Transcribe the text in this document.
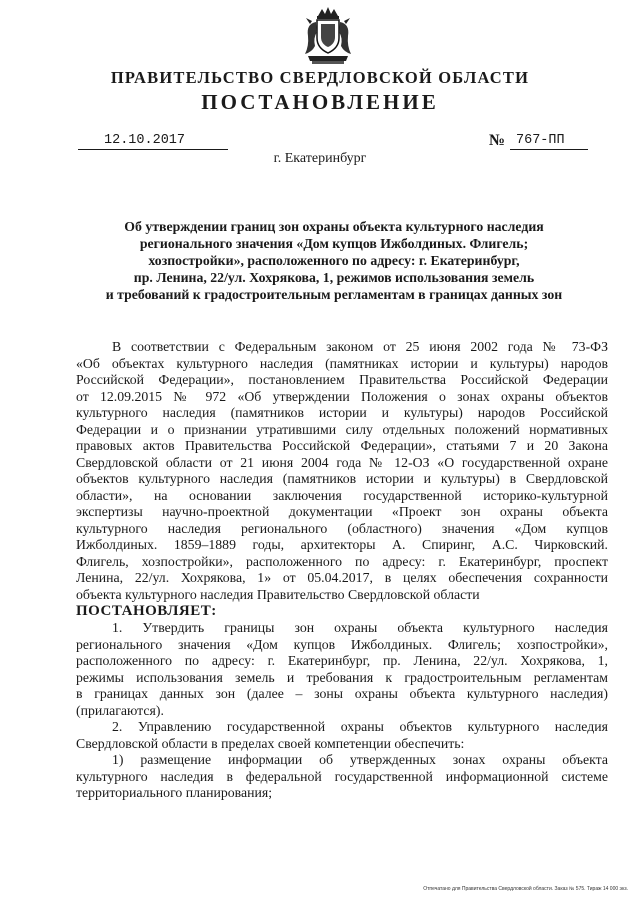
ПРАВИТЕЛЬСТВО СВЕРДЛОВСКОЙ ОБЛАСТИ
ПОСТАНОВЛЕНИЕ
12.10.2017	№ 767-ПП
г. Екатеринбург
Об утверждении границ зон охраны объекта культурного наследия
регионального значения «Дом купцов Ижболдиных. Флигель;
хозпостройки», расположенного по адресу: г. Екатеринбург,
пр. Ленина, 22/ул. Хохрякова, 1, режимов использования земель
и требований к градостроительным регламентам в границах данных зон
В соответствии с Федеральным законом от 25 июня 2002 года № 73-ФЗ
«Об объектах культурного наследия (памятниках истории и культуры) народов
Российской Федерации», постановлением Правительства Российской Федерации
от 12.09.2015 № 972 «Об утверждении Положения о зонах охраны объектов
культурного наследия (памятников истории и культуры) народов Российской
Федерации и о признании утратившими силу отдельных положений нормативных
правовых актов Правительства Российской Федерации», статьями 7 и 20 Закона
Свердловской области от 21 июня 2004 года № 12-ОЗ «О государственной охране
объектов культурного наследия (памятников истории и культуры) в Свердловской
области», на основании заключения государственной историко-культурной
экспертизы научно-проектной документации «Проект зон охраны объекта
культурного наследия регионального (областного) значения «Дом купцов
Ижболдиных. 1859–1889 годы, архитекторы А. Спиринг, А.С. Чирковский.
Флигель, хозпостройки», расположенного по адресу: г. Екатеринбург, проспект
Ленина, 22/ул. Хохрякова, 1» от 05.04.2017, в целях обеспечения сохранности
объекта культурного наследия Правительство Свердловской области
ПОСТАНОВЛЯЕТ:
1. Утвердить границы зон охраны объекта культурного наследия
регионального значения «Дом купцов Ижболдиных. Флигель; хозпостройки»,
расположенного по адресу: г. Екатеринбург, пр. Ленина, 22/ул. Хохрякова, 1,
режимы использования земель и требования к градостроительным регламентам
в границах данных зон (далее – зоны охраны объекта культурного наследия)
(прилагаются).
2. Управлению государственной охраны объектов культурного наследия
Свердловской области в пределах своей компетенции обеспечить:
1) размещение информации об утвержденных зонах охраны объекта
культурного наследия в федеральной государственной информационной системе
территориального планирования;
Отпечатано для Правительства Свердловской области. Заказ № 575. Тираж 14 000 экз.
